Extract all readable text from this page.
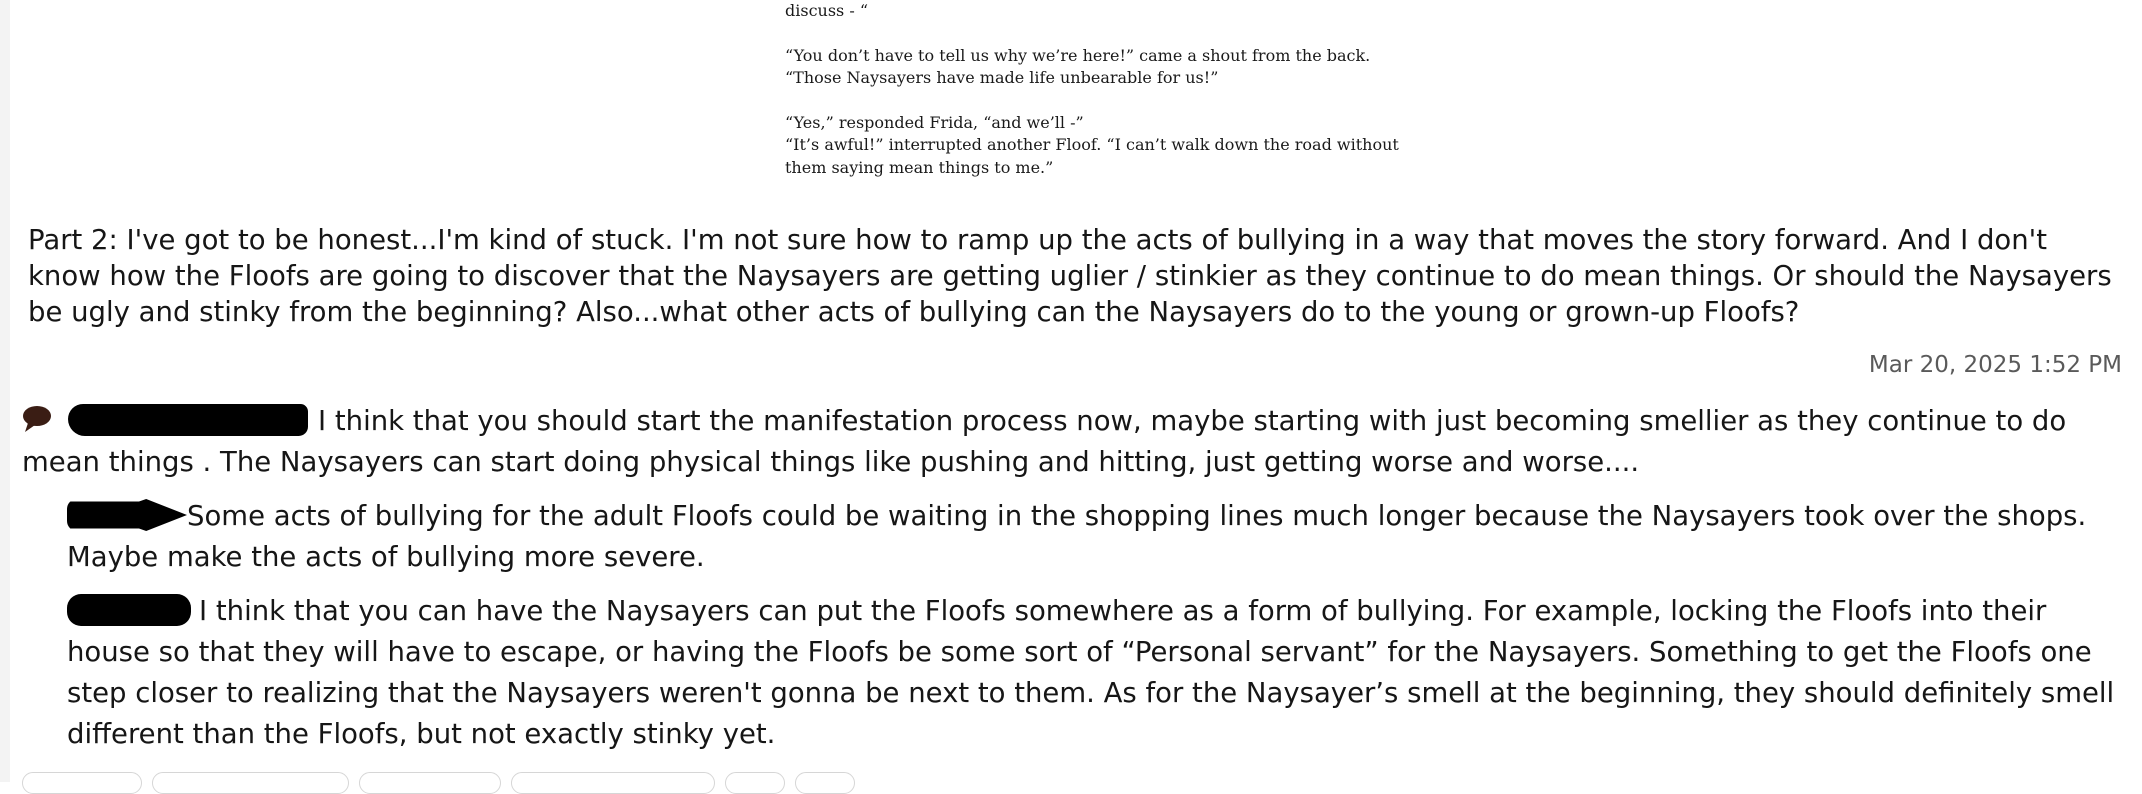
discuss - “

“You don’t have to tell us why we’re here!” came a shout from the back.

“Those Naysayers have made life unbearable for us!”

“Yes,” responded Frida, “and we’ll -”

“It’s awful!” interrupted another Floof. “I can’t walk down the road without

them saying mean things to me.”

Part 2: I've got to be honest...I'm kind of stuck. I'm not sure how to ramp up the acts of bullying in a way that moves the story forward. And I don't know how the Floofs are going to discover that the Naysayers are getting uglier / stinkier as they continue to do mean things. Or should the Naysayers be ugly and stinky from the beginning? Also...what other acts of bullying can the Naysayers do to the young or grown-up Floofs?

Mar 20, 2025 1:52 PM

I think that you should start the manifestation process now, maybe starting with just becoming smellier as they continue to do mean things . The Naysayers can start doing physical things like pushing and hitting, just getting worse and worse....

Some acts of bullying for the adult Floofs could be waiting in the shopping lines much longer because the Naysayers took over the shops. Maybe make the acts of bullying more severe.

I think that you can have the Naysayers can put the Floofs somewhere as a form of bullying. For example, locking the Floofs into their house so that they will have to escape, or having the Floofs be some sort of “Personal servant” for the Naysayers. Something to get the Floofs one step closer to realizing that the Naysayers weren't gonna be next to them. As for the Naysayer’s smell at the beginning, they should definitely smell different than the Floofs, but not exactly stinky yet.
